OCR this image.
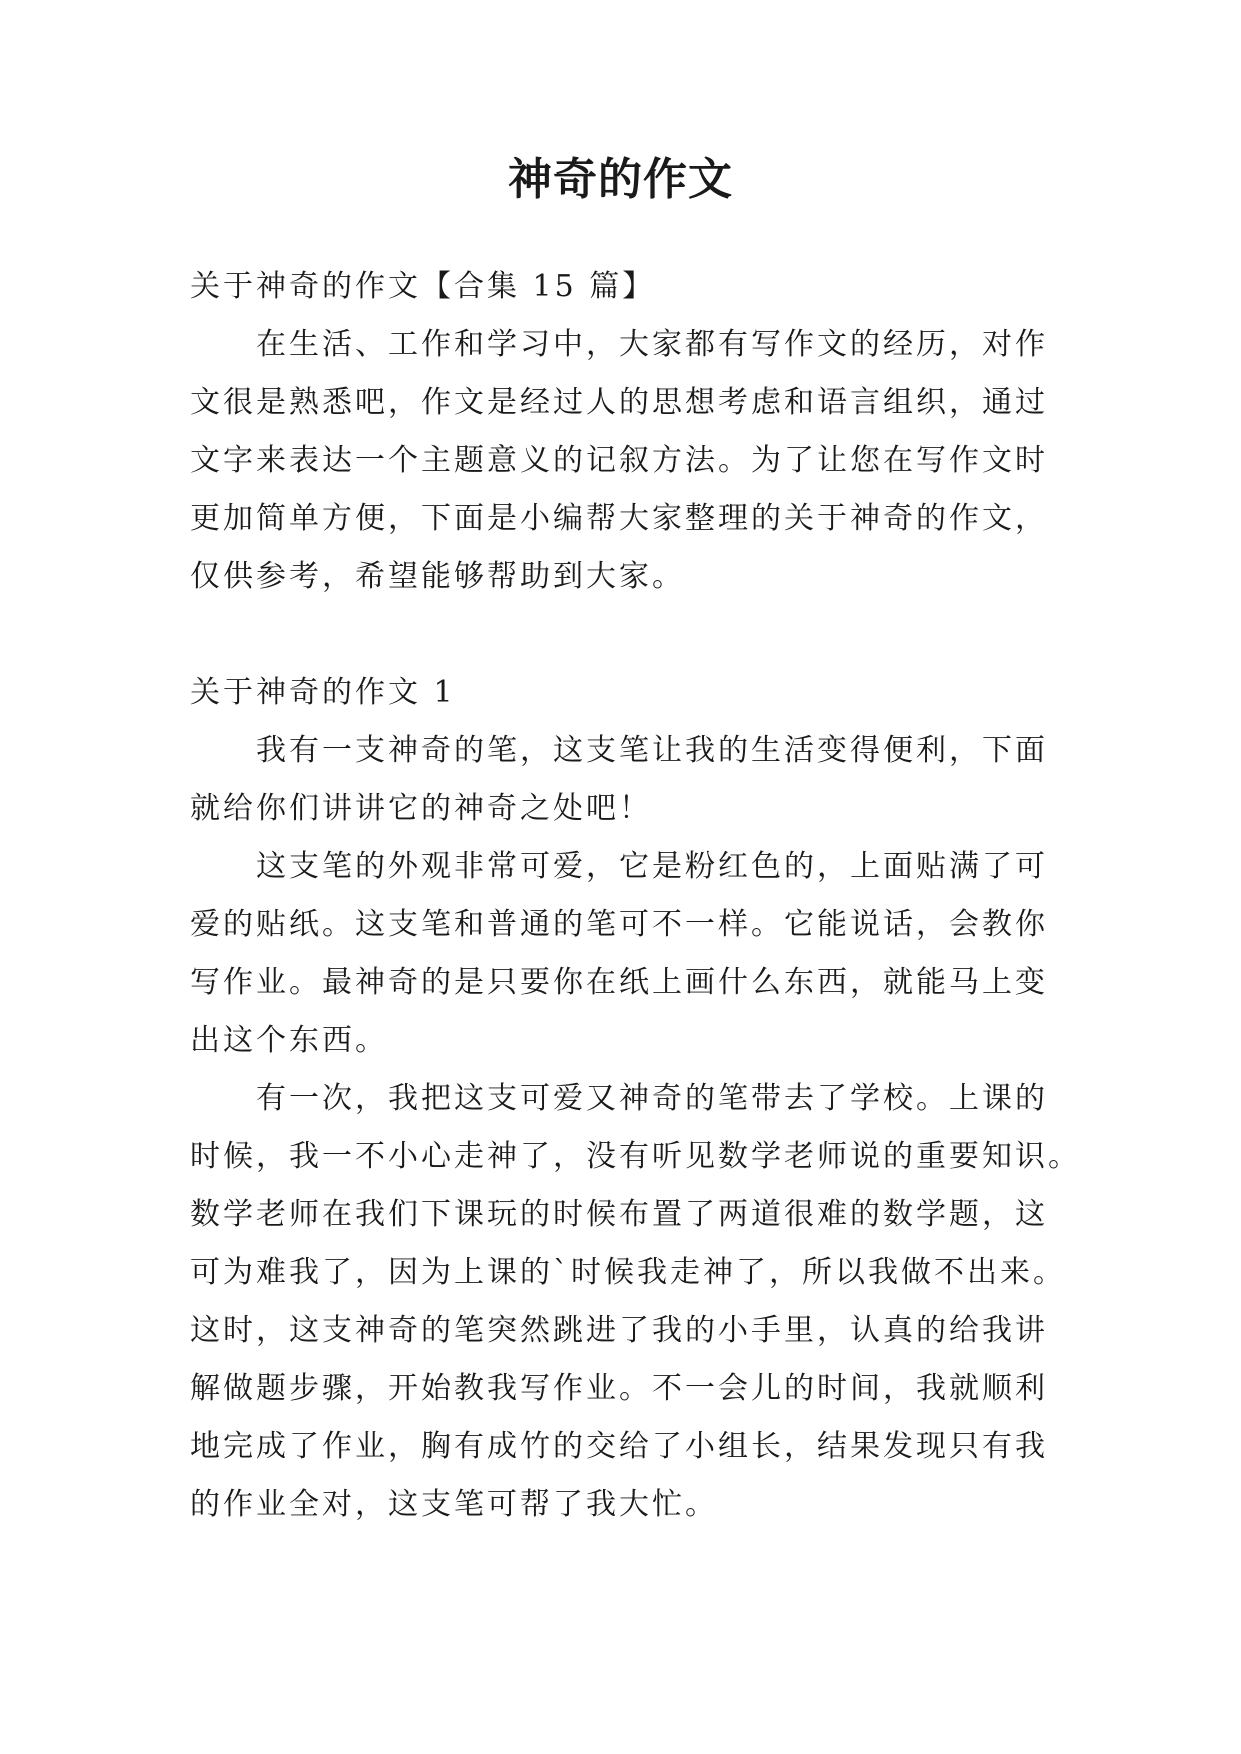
神奇的作文

关于神奇的作文【合集 15 篇】

　　在生活、工作和学习中，大家都有写作文的经历，对作

文很是熟悉吧，作文是经过人的思想考虑和语言组织，通过

文字来表达一个主题意义的记叙方法。为了让您在写作文时

更加简单方便，下面是小编帮大家整理的关于神奇的作文，

仅供参考，希望能够帮助到大家。

关于神奇的作文 1

　　我有一支神奇的笔，这支笔让我的生活变得便利，下面

就给你们讲讲它的神奇之处吧！

　　这支笔的外观非常可爱，它是粉红色的，上面贴满了可

爱的贴纸。这支笔和普通的笔可不一样。它能说话，会教你

写作业。最神奇的是只要你在纸上画什么东西，就能马上变

出这个东西。

　　有一次，我把这支可爱又神奇的笔带去了学校。上课的

时候，我一不小心走神了，没有听见数学老师说的重要知识。

数学老师在我们下课玩的时候布置了两道很难的数学题，这

可为难我了，因为上课的`时候我走神了，所以我做不出来。

这时，这支神奇的笔突然跳进了我的小手里，认真的给我讲

解做题步骤，开始教我写作业。不一会儿的时间，我就顺利

地完成了作业，胸有成竹的交给了小组长，结果发现只有我

的作业全对，这支笔可帮了我大忙。
